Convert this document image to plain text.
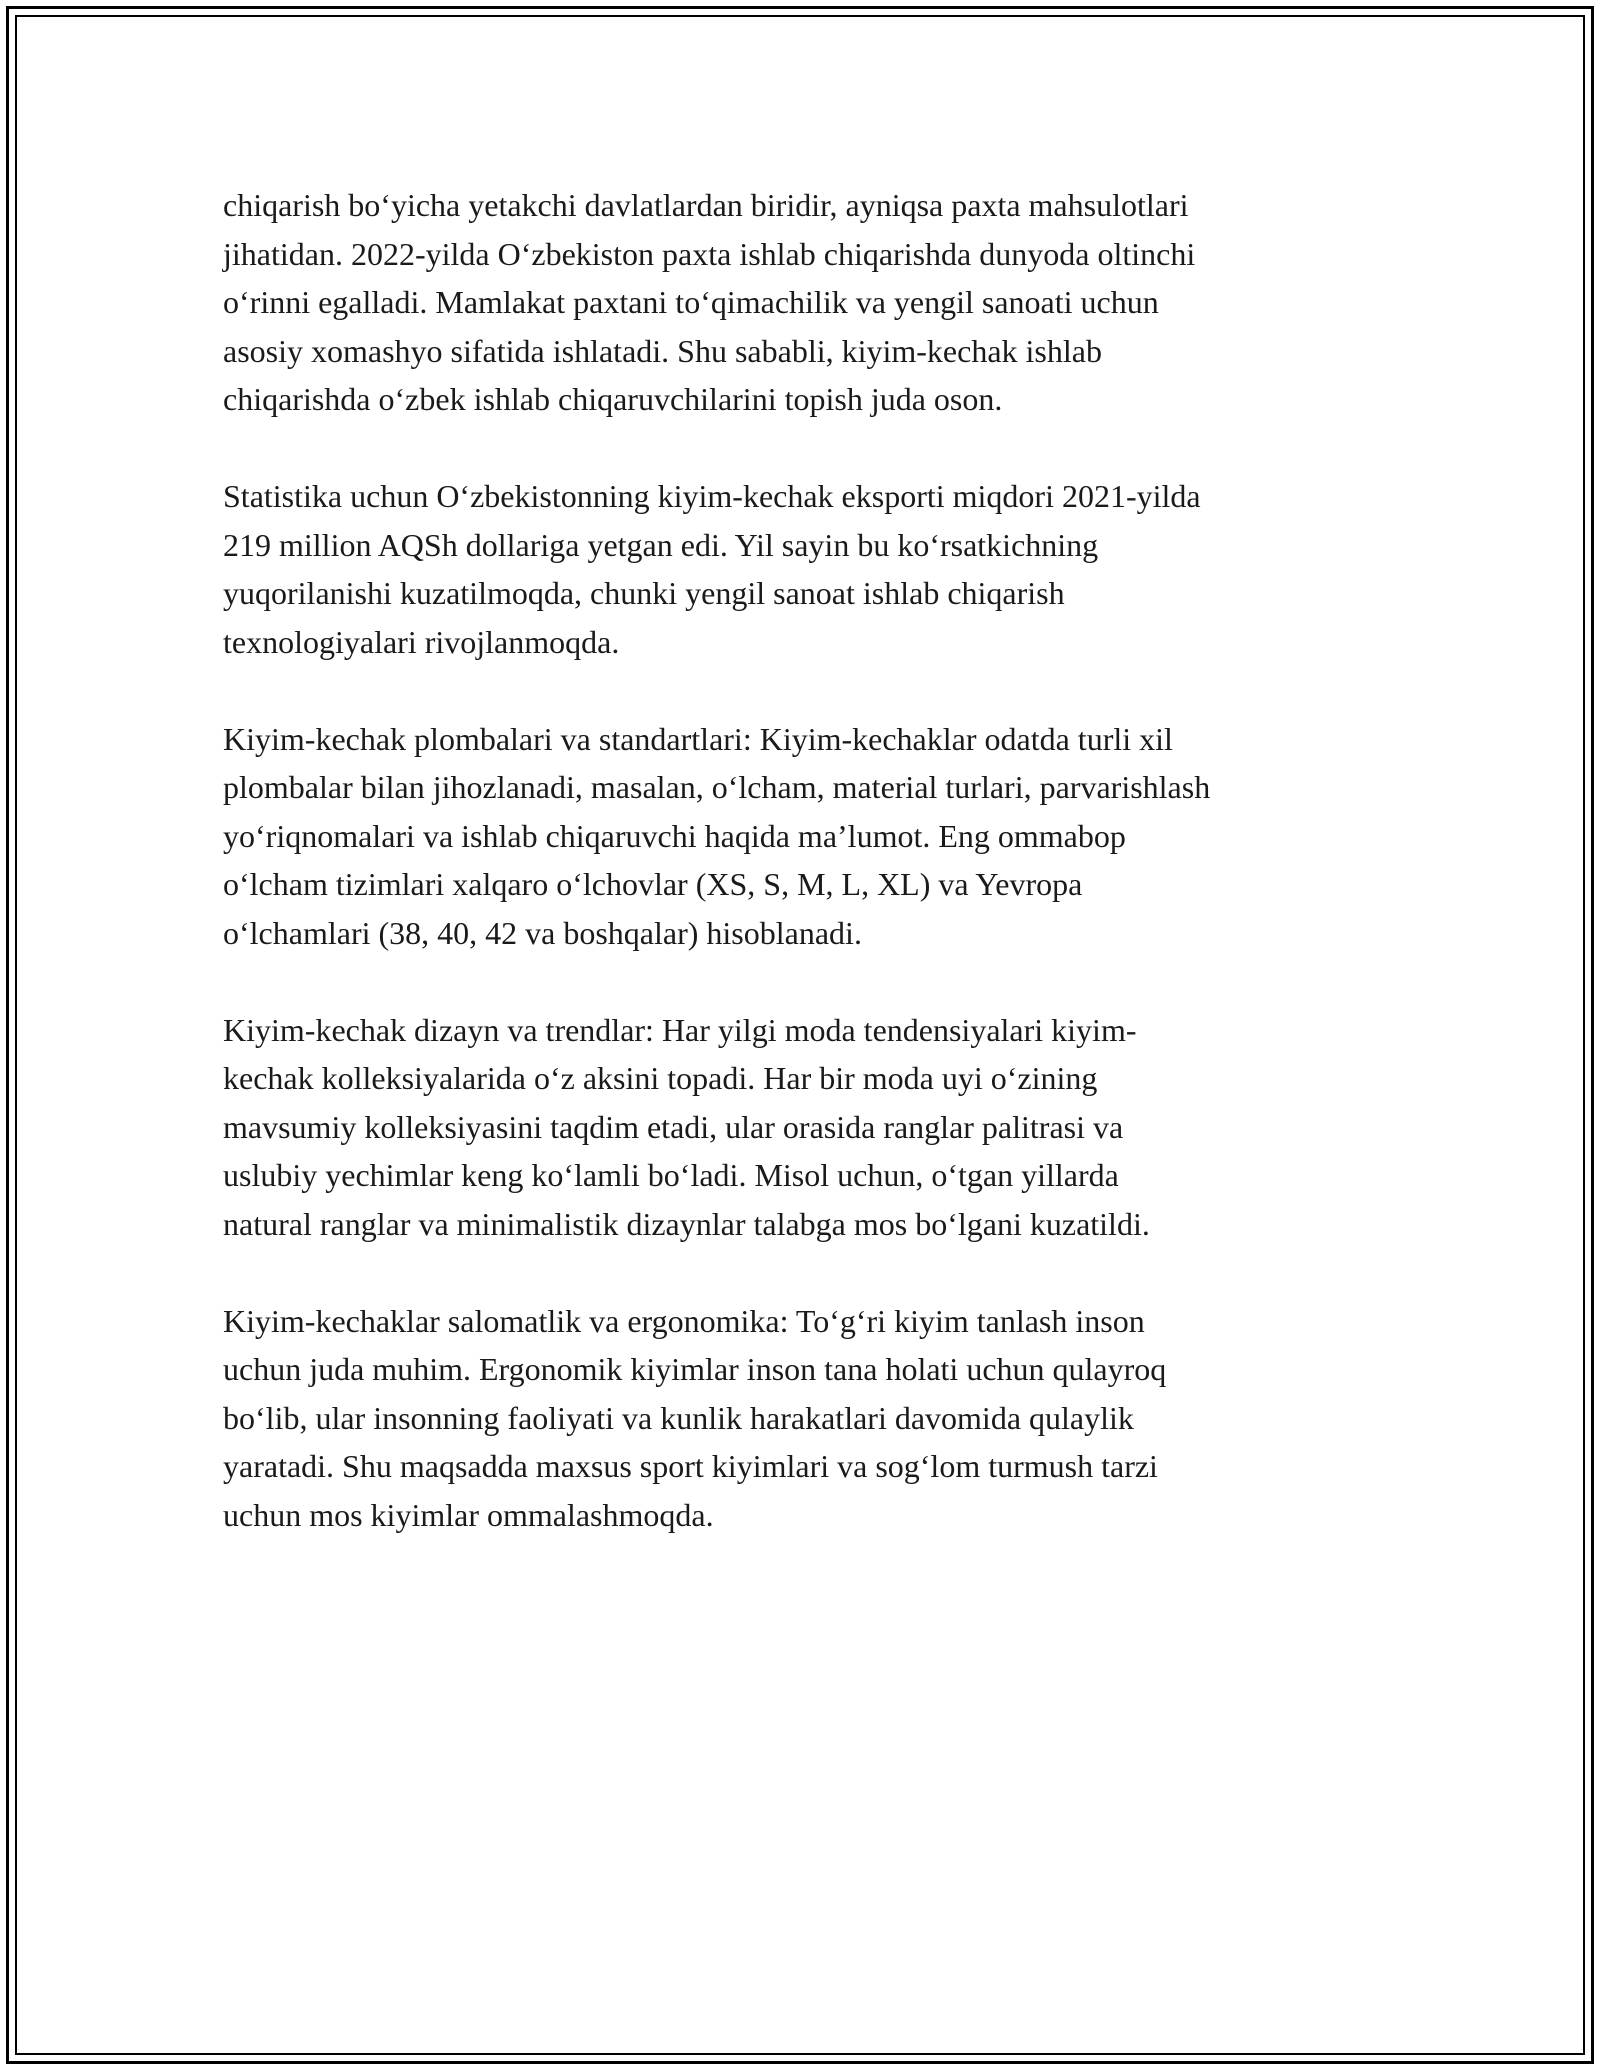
chiqarish bo‘yicha yetakchi davlatlardan biridir, ayniqsa paxta mahsulotlari
jihatidan. 2022-yilda O‘zbekiston paxta ishlab chiqarishda dunyoda oltinchi
o‘rinni egalladi. Mamlakat paxtani to‘qimachilik va yengil sanoati uchun
asosiy xomashyo sifatida ishlatadi. Shu sababli, kiyim-kechak ishlab
chiqarishda o‘zbek ishlab chiqaruvchilarini topish juda oson.

Statistika uchun O‘zbekistonning kiyim-kechak eksporti miqdori 2021-yilda
219 million AQSh dollariga yetgan edi. Yil sayin bu ko‘rsatkichning
yuqorilanishi kuzatilmoqda, chunki yengil sanoat ishlab chiqarish
texnologiyalari rivojlanmoqda.

Kiyim-kechak plombalari va standartlari: Kiyim-kechaklar odatda turli xil
plombalar bilan jihozlanadi, masalan, o‘lcham, material turlari, parvarishlash
yo‘riqnomalari va ishlab chiqaruvchi haqida ma’lumot. Eng ommabop
o‘lcham tizimlari xalqaro o‘lchovlar (XS, S, M, L, XL) va Yevropa
o‘lchamlari (38, 40, 42 va boshqalar) hisoblanadi.

Kiyim-kechak dizayn va trendlar: Har yilgi moda tendensiyalari kiyim-
kechak kolleksiyalarida o‘z aksini topadi. Har bir moda uyi o‘zining
mavsumiy kolleksiyasini taqdim etadi, ular orasida ranglar palitrasi va
uslubiy yechimlar keng ko‘lamli bo‘ladi. Misol uchun, o‘tgan yillarda
natural ranglar va minimalistik dizaynlar talabga mos bo‘lgani kuzatildi.

Kiyim-kechaklar salomatlik va ergonomika: To‘g‘ri kiyim tanlash inson
uchun juda muhim. Ergonomik kiyimlar inson tana holati uchun qulayroq
bo‘lib, ular insonning faoliyati va kunlik harakatlari davomida qulaylik
yaratadi. Shu maqsadda maxsus sport kiyimlari va sog‘lom turmush tarzi
uchun mos kiyimlar ommalashmoqda.
